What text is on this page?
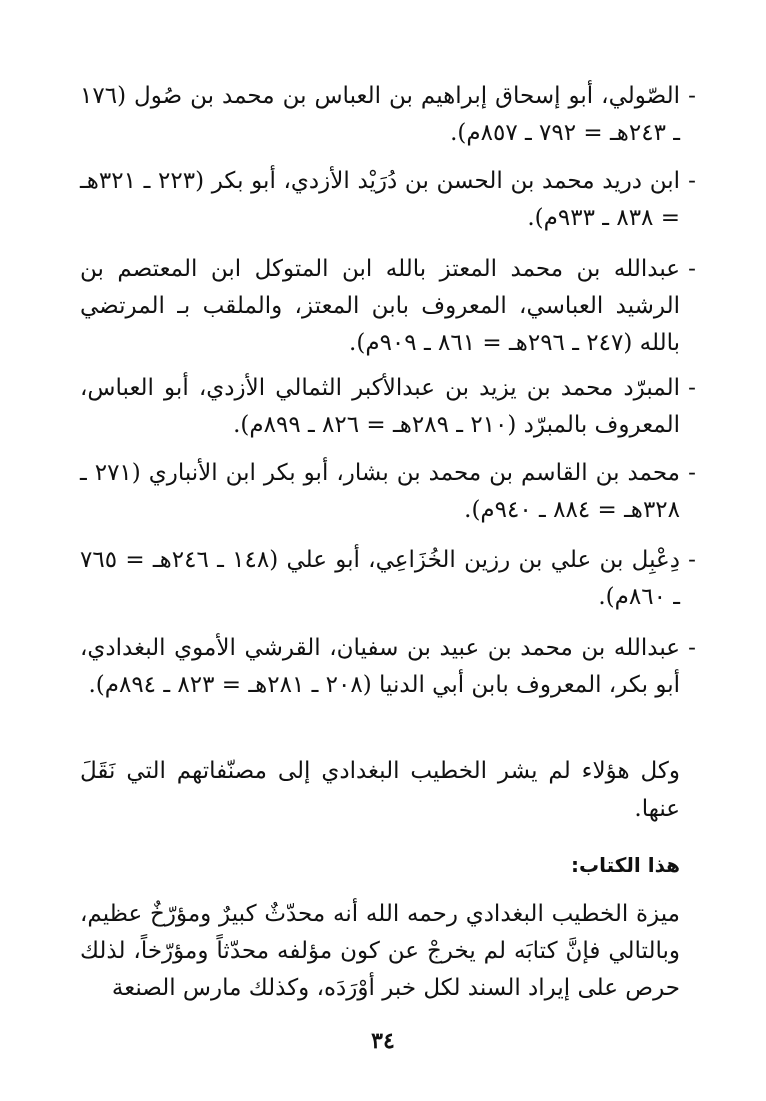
-
الصّولي، أبو إسحاق إبراهيم بن العباس بن محمد بن صُول (١٧٦ ـ ٢٤٣هـ = ٧٩٢ ـ ٨٥٧م).

-
ابن دريد محمد بن الحسن بن دُرَيْد الأزدي، أبو بكر (٢٢٣ ـ ٣٢١هـ = ٨٣٨ ـ ٩٣٣م).

-
عبدالله بن محمد المعتز بالله ابن المتوكل ابن المعتصم بن الرشيد العباسي، المعروف بابن المعتز، والملقب بـ المرتضي بالله (٢٤٧ ـ ٢٩٦هـ = ٨٦١ ـ ٩٠٩م).

-
المبرّد محمد بن يزيد بن عبدالأكبر الثمالي الأزدي، أبو العباس، المعروف بالمبرّد (٢١٠ ـ ٢٨٩هـ = ٨٢٦ ـ ٨٩٩م).

-
محمد بن القاسم بن محمد بن بشار، أبو بكر ابن الأنباري (٢٧١ ـ ٣٢٨هـ = ٨٨٤ ـ ٩٤٠م).

-
دِعْبِل بن علي بن رزين الخُزَاعِي، أبو علي (١٤٨ ـ ٢٤٦هـ = ٧٦٥ ـ ٨٦٠م).

-
عبدالله بن محمد بن عبيد بن سفيان، القرشي الأموي البغدادي، أبو بكر، المعروف بابن أبي الدنيا (٢٠٨ ـ ٢٨١هـ = ٨٢٣ ـ ٨٩٤م).

وكل هؤلاء لم يشر الخطيب البغدادي إلى مصنّفاتهم التي نَقَلَ عنها.

هذا الكتاب:

ميزة الخطيب البغدادي رحمه الله أنه محدّثٌ كبيرٌ ومؤرّخٌ عظيم، وبالتالي فإنَّ كتابَه لم يخرجْ عن كون مؤلفه محدّثاً ومؤرّخاً، لذلك حرص على إيراد السند لكل خبر أوْرَدَه، وكذلك مارس الصنعة

٣٤
